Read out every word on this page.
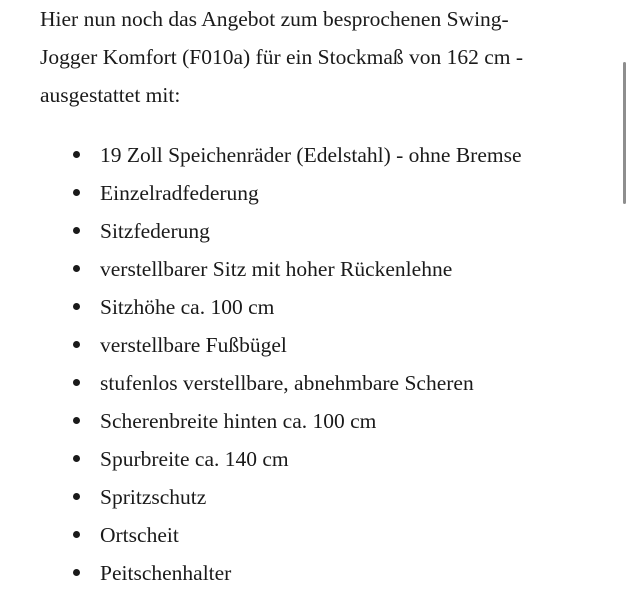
Hier nun noch das Angebot zum besprochenen Swing-
Jogger Komfort (F010a) für ein Stockmaß von 162 cm -
ausgestattet mit:

19 Zoll Speichenräder (Edelstahl) - ohne Bremse
Einzelradfederung
Sitzfederung
verstellbarer Sitz mit hoher Rückenlehne
Sitzhöhe ca. 100 cm
verstellbare Fußbügel
stufenlos verstellbare, abnehmbare Scheren
Scherenbreite hinten ca. 100 cm
Spurbreite ca. 140 cm
Spritzschutz
Ortscheit
Peitschenhalter
